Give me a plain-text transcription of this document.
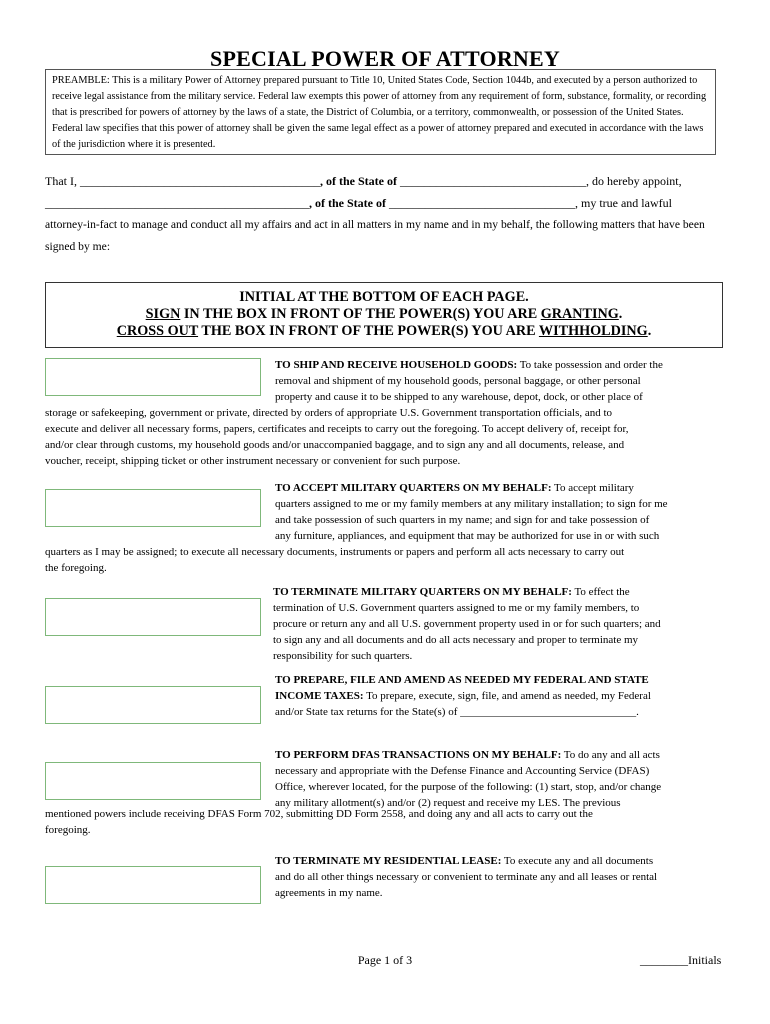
SPECIAL POWER OF ATTORNEY
PREAMBLE: This is a military Power of Attorney prepared pursuant to Title 10, United States Code, Section 1044b, and executed by a person authorized to receive legal assistance from the military service. Federal law exempts this power of attorney from any requirement of form, substance, formality, or recording that is prescribed for powers of attorney by the laws of a state, the District of Columbia, or a territory, commonwealth, or possession of the United States. Federal law specifies that this power of attorney shall be given the same legal effect as a power of attorney prepared and executed in accordance with the laws of the jurisdiction where it is presented.
That I, ________________________________________, of the State of _______________________________, do hereby appoint,
____________________________________________, of the State of _______________________________, my true and lawful
attorney-in-fact to manage and conduct all my affairs and act in all matters in my name and in my behalf, the following matters that have been signed by me:
INITIAL AT THE BOTTOM OF EACH PAGE.
SIGN IN THE BOX IN FRONT OF THE POWER(S) YOU ARE GRANTING.
CROSS OUT THE BOX IN FRONT OF THE POWER(S) YOU ARE WITHHOLDING.
TO SHIP AND RECEIVE HOUSEHOLD GOODS: To take possession and order the
removal and shipment of my household goods, personal baggage, or other personal
property and cause it to be shipped to any warehouse, depot, dock, or other place of
storage or safekeeping, government or private, directed by orders of appropriate U.S. Government transportation officials, and to
execute and deliver all necessary forms, papers, certificates and receipts to carry out the foregoing. To accept delivery of, receipt for,
and/or clear through customs, my household goods and/or unaccompanied baggage, and to sign any and all documents, release, and
voucher, receipt, shipping ticket or other instrument necessary or convenient for such purpose.
TO ACCEPT MILITARY QUARTERS ON MY BEHALF: To accept military
quarters assigned to me or my family members at any military installation; to sign for me
and take possession of such quarters in my name; and sign for and take possession of
any furniture, appliances, and equipment that may be authorized for use in or with such
quarters as I may be assigned; to execute all necessary documents, instruments or papers and perform all acts necessary to carry out
the foregoing.
TO TERMINATE MILITARY QUARTERS ON MY BEHALF: To effect the
termination of U.S. Government quarters assigned to me or my family members, to
procure or return any and all U.S. government property used in or for such quarters; and
to sign any and all documents and do all acts necessary and proper to terminate my
responsibility for such quarters.
TO PREPARE, FILE AND AMEND AS NEEDED MY FEDERAL AND STATE
INCOME TAXES: To prepare, execute, sign, file, and amend as needed, my Federal
and/or State tax returns for the State(s) of ________________________________.
TO PERFORM DFAS TRANSACTIONS ON MY BEHALF: To do any and all acts
necessary and appropriate with the Defense Finance and Accounting Service (DFAS)
Office, wherever located, for the purpose of the following: (1) start, stop, and/or change
any military allotment(s) and/or (2) request and receive my LES. The previous
mentioned powers include receiving DFAS Form 702, submitting DD Form 2558, and doing any and all acts to carry out the
foregoing.
TO TERMINATE MY RESIDENTIAL LEASE: To execute any and all documents
and do all other things necessary or convenient to terminate any and all leases or rental
agreements in my name.
Page 1 of 3	________Initials
